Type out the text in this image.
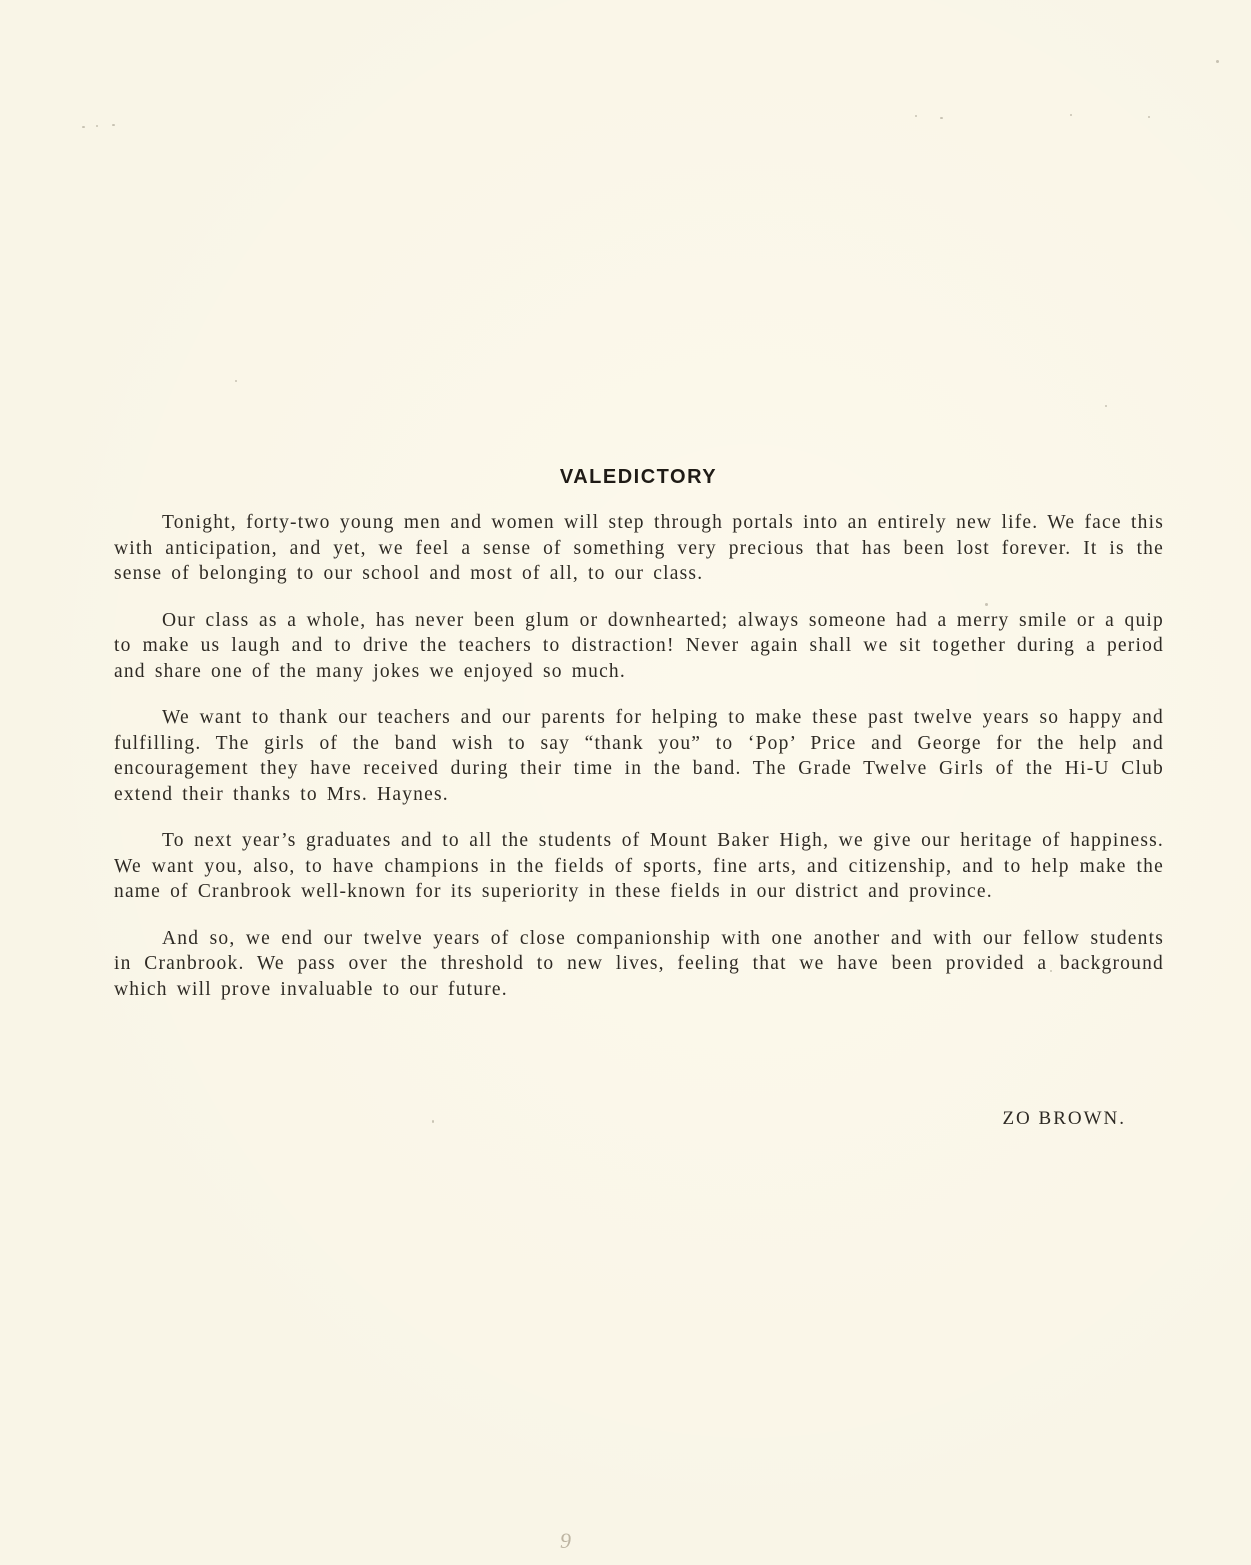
VALEDICTORY

Tonight, forty-two young men and women will step through portals into an entirely new life. We face this with anticipation, and yet, we feel a sense of something very precious that has been lost forever. It is the sense of belonging to our school and most of all, to our class.

Our class as a whole, has never been glum or downhearted; always someone had a merry smile or a quip to make us laugh and to drive the teachers to distraction! Never again shall we sit together during a period and share one of the many jokes we enjoyed so much.

We want to thank our teachers and our parents for helping to make these past twelve years so happy and fulfilling. The girls of the band wish to say “thank you” to ‘Pop’ Price and George for the help and encouragement they have received during their time in the band. The Grade Twelve Girls of the Hi-U Club extend their thanks to Mrs. Haynes.

To next year’s graduates and to all the students of Mount Baker High, we give our heritage of happiness. We want you, also, to have champions in the fields of sports, fine arts, and citizenship, and to help make the name of Cranbrook well-known for its superiority in these fields in our district and province.

And so, we end our twelve years of close companionship with one another and with our fellow students in Cranbrook. We pass over the threshold to new lives, feeling that we have been provided a background which will prove invaluable to our future.

ZO BROWN.
9
